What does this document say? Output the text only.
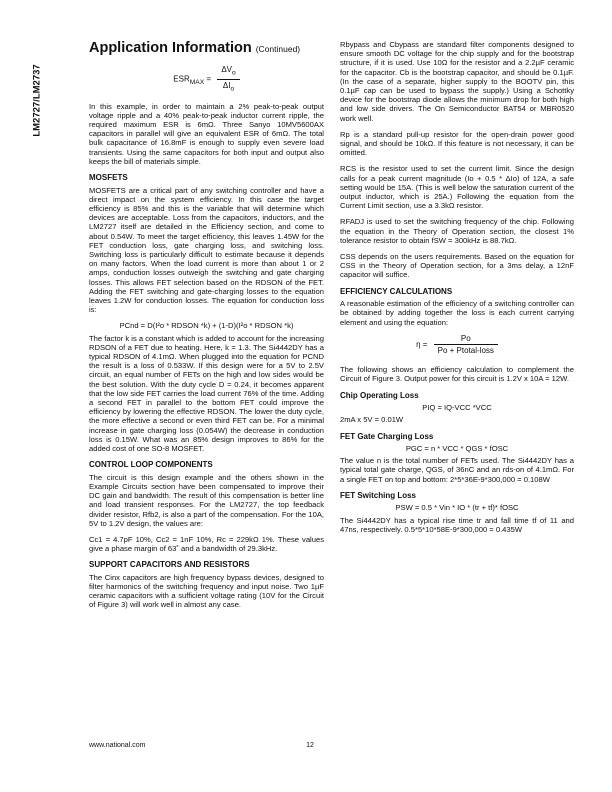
LM2727/LM2737
Application Information (Continued)
$ESR_{MAX} = \frac{\Delta V_o}{\Delta I_o}$

In this example, in order to maintain a 2% peak-to-peak output voltage ripple and a 40% peak-to-peak inductor current ripple, the required maximum ESR is 6mΩ. Three Sanyo 10MV5600AX capacitors in parallel will give an equivalent ESR of 6mΩ. The total bulk capacitance of 16.8mF is enough to supply even severe load transients. Using the same capacitors for both input and output also keeps the bill of materials simple.

MOSFETS

MOSFETS are a critical part of any switching controller and have a direct impact on the system efficiency. In this case the target efficiency is 85% and this is the variable that will determine which devices are acceptable. Loss from the capacitors, inductors, and the LM2727 itself are detailed in the Efficiency section, and come to about 0.54W. To meet the target efficiency, this leaves 1.45W for the FET conduction loss, gate charging loss, and switching loss. Switching loss is particularly difficult to estimate because it depends on many factors. When the load current is more than about 1 or 2 amps, conduction losses outweigh the switching and gate charging losses. This allows FET selection based on the RDSON of the FET. Adding the FET switching and gate-charging losses to the equation leaves 1.2W for conduction losses. The equation for conduction loss is:

PCnd = D(I²o * RDSON *k) + (1-D)(I²o * RDSON *k)

The factor k is a constant which is added to account for the increasing RDSON of a FET due to heating. Here, k = 1.3. The Si4442DY has a typical RDSON of 4.1mΩ. When plugged into the equation for PCND the result is a loss of 0.533W. If this design were for a 5V to 2.5V circuit, an equal number of FETs on the high and low sides would be the best solution. With the duty cycle D = 0.24, it becomes apparent that the low side FET carries the load current 76% of the time. Adding a second FET in parallel to the bottom FET could improve the efficiency by lowering the effective RDSON. The lower the duty cycle, the more effective a second or even third FET can be. For a minimal increase in gate charging loss (0.054W) the decrease in conduction loss is 0.15W. What was an 85% design improves to 86% for the added cost of one SO-8 MOSFET.

CONTROL LOOP COMPONENTS

The circuit is this design example and the others shown in the Example Circuits section have been compensated to improve their DC gain and bandwidth. The result of this compensation is better line and load transient responses. For the LM2727, the top feedback divider resistor, Rfb2, is also a part of the compensation. For the 10A, 5V to 1.2V design, the values are:

Cc1 = 4.7pF 10%, Cc2 = 1nF 10%, Rc = 229kΩ 1%. These values give a phase margin of 63˚ and a bandwidth of 29.3kHz.

SUPPORT CAPACITORS AND RESISTORS

The Cinx capacitors are high frequency bypass devices, designed to filter harmonics of the switching frequency and input noise. Two 1µF ceramic capacitors with a sufficient voltage rating (10V for the Circuit of Figure 3) will work well in almost any case.

Rbypass and Cbypass are standard filter components designed to ensure smooth DC voltage for the chip supply and for the bootstrap structure, if it is used. Use 10Ω for the resistor and a 2.2µF ceramic for the capacitor. Cb is the bootstrap capacitor, and should be 0.1µF. (In the case of a separate, higher supply to the BOOTV pin, this 0.1µF cap can be used to bypass the supply.) Using a Schottky device for the bootstrap diode allows the minimum drop for both high and low side drivers. The On Semiconductor BAT54 or MBR0520 work well.

Rp is a standard pull-up resistor for the open-drain power good signal, and should be 10kΩ. If this feature is not necessary, it can be omitted.

RCS is the resistor used to set the current limit. Since the design calls for a peak current magnitude (Io + 0.5 * ΔIo) of 12A, a safe setting would be 15A. (This is well below the saturation current of the output inductor, which is 25A.) Following the equation from the Current Limit section, use a 3.3kΩ resistor.

RFADJ is used to set the switching frequency of the chip. Following the equation in the Theory of Operation section, the closest 1% tolerance resistor to obtain fSW = 300kHz is 88.7kΩ.

CSS depends on the users requirements. Based on the equation for CSS in the Theory of Operation section, for a 3ms delay, a 12nF capacitor will suffice.

EFFICIENCY CALCULATIONS

A reasonable estimation of the efficiency of a switching controller can be obtained by adding together the loss is each current carrying element and using the equation:

$\eta = \frac{Po}{\text{Po + Ptotal-loss}}$

The following shows an efficiency calculation to complement the Circuit of Figure 3. Output power for this circuit is 1.2V x 10A = 12W.

Chip Operating Loss
PIQ = IQ-VCC *VCC

2mA x 5V = 0.01W

FET Gate Charging Loss
PGC = n * VCC * QGS * fOSC

The value n is the total number of FETs used. The Si4442DY has a typical total gate charge, QGS, of 36nC and an rds-on of 4.1mΩ. For a single FET on top and bottom: 2*5*36E-9*300,000 = 0.108W

FET Switching Loss
PSW = 0.5 * Vin * IO * (tr + tf)* fOSC

The Si4442DY has a typical rise time tr and fall time tf of 11 and 47ns, respectively. 0.5*5*10*58E-9*300,000 = 0.435W

www.national.com	12
